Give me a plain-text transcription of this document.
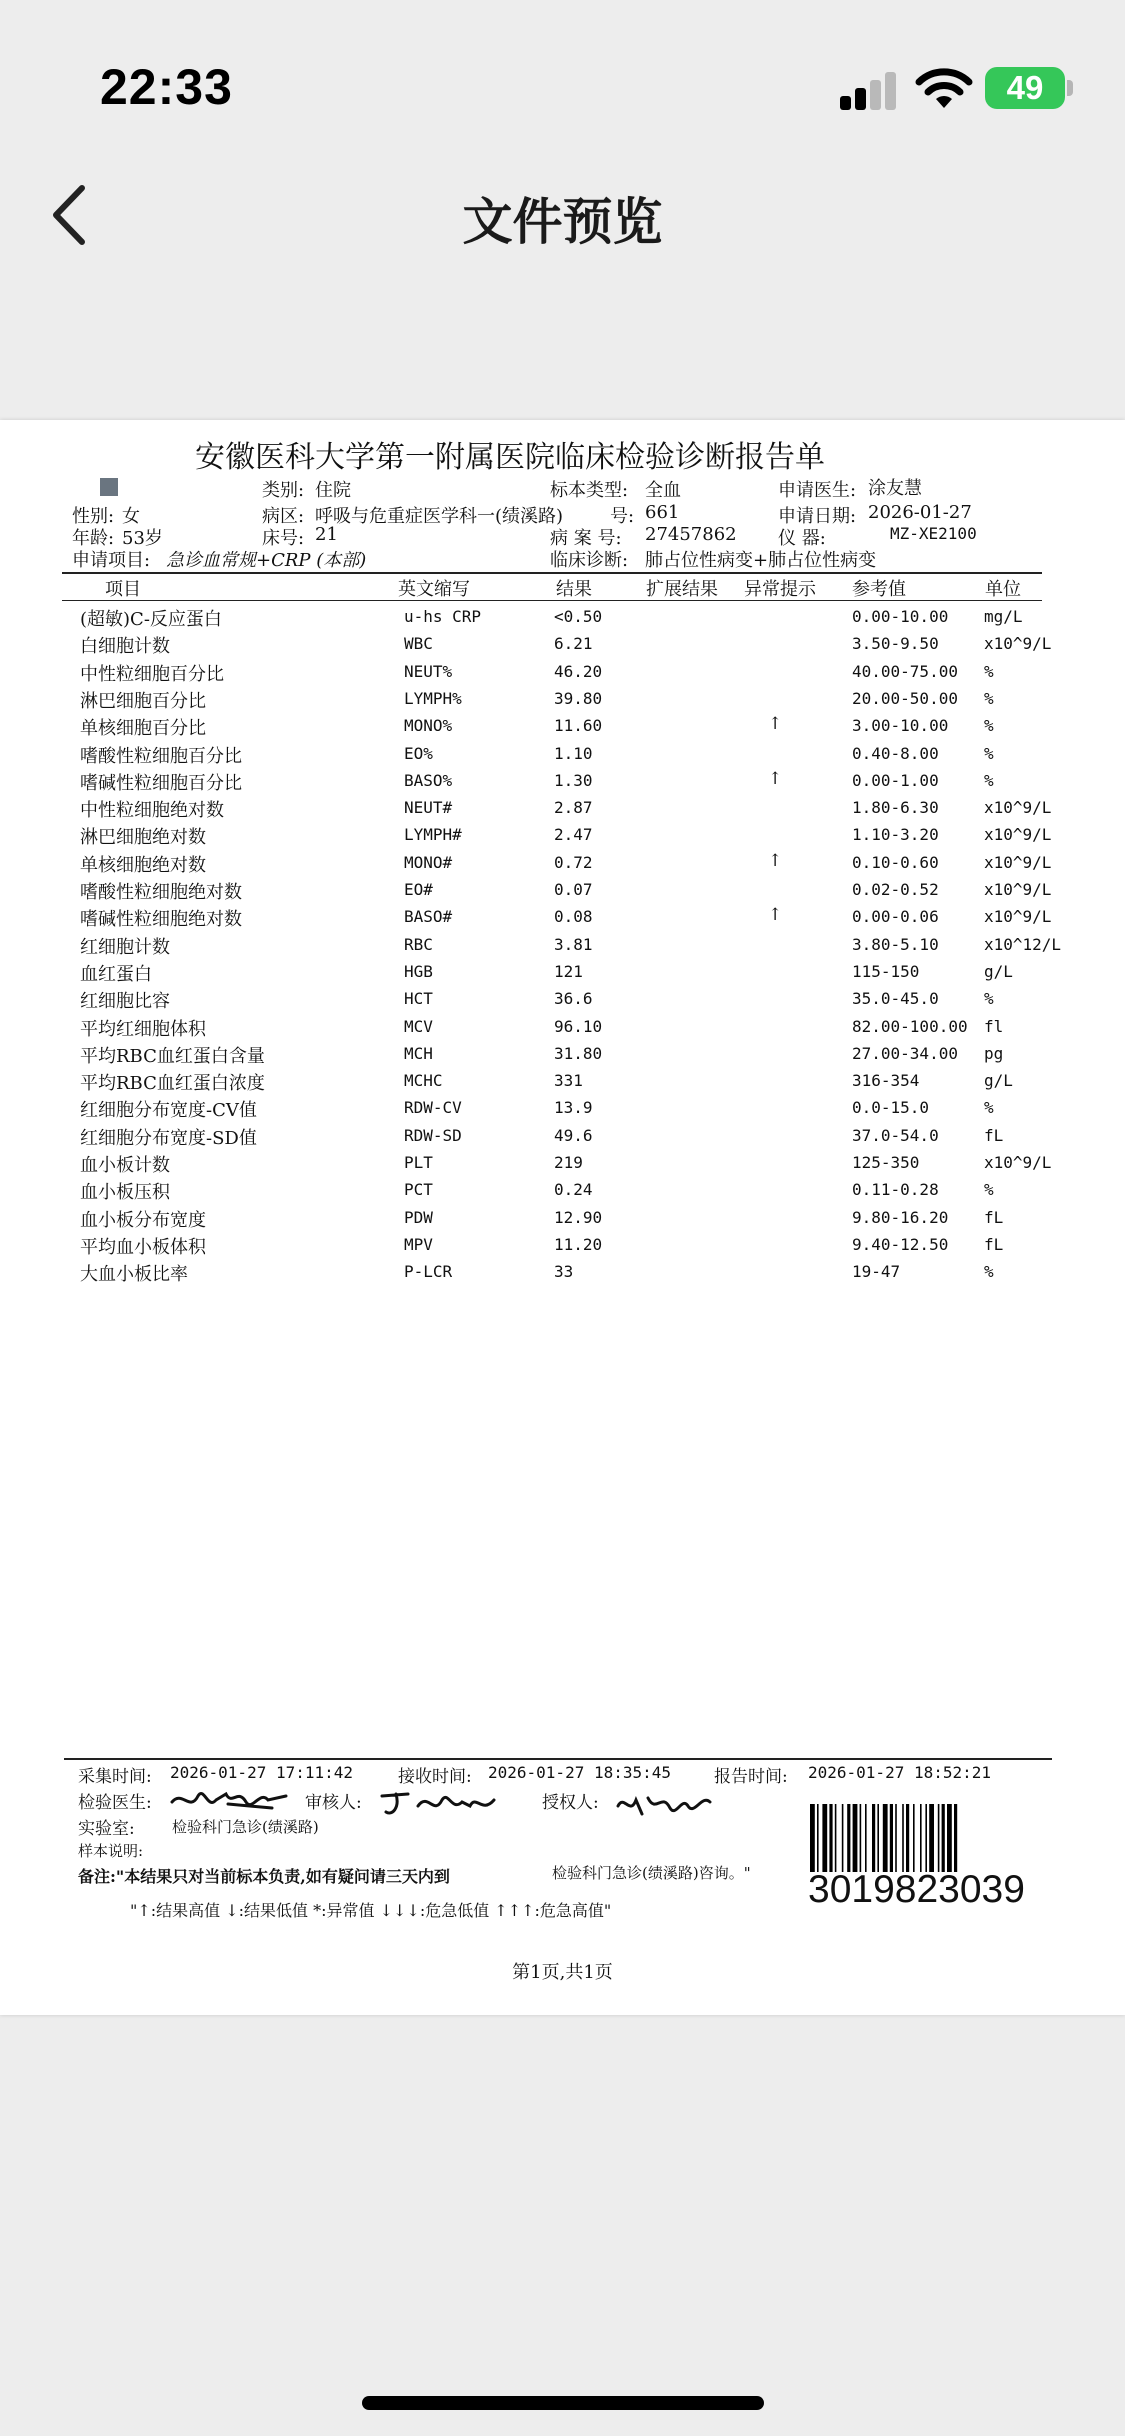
22:33	49
文件预览
安徽医科大学第一附属医院临床检验诊断报告单
类别: 住院	标本类型: 全血	申请医生: 涂友慧
性别: 女	病区: 呼吸与危重症医学科一(绩溪路)	号: 661	申请日期: 2026-01-27
年龄: 53岁	床号: 21	病 案 号: 27457862 仪 器:	MZ-XE2100
申请项目: 急诊血常规+CRP (本部)	临床诊断: 肺占位性病变+肺占位性病变
项目	英文缩写	结果	扩展结果 异常提示 参考值	单位
(超敏)C-反应蛋白	u-hs CRP	<0.50	0.00-10.00 mg/L
白细胞计数	WBC	6.21	3.50-9.50	x10^9/L
中性粒细胞百分比	NEUT%	46.20	40.00-75.00 %
淋巴细胞百分比	LYMPH%	39.80	20.00-50.00 %
单核细胞百分比	MONO%	11.60	↑	3.00-10.00 %
嗜酸性粒细胞百分比	EO%	1.10	0.40-8.00	%
嗜碱性粒细胞百分比	BASO%	1.30	↑	0.00-1.00	%
中性粒细胞绝对数	NEUT#	2.87	1.80-6.30	x10^9/L
淋巴细胞绝对数	LYMPH#	2.47	1.10-3.20	x10^9/L
单核细胞绝对数	MONO#	0.72	↑	0.10-0.60	x10^9/L
嗜酸性粒细胞绝对数	EO#	0.07	0.02-0.52	x10^9/L
嗜碱性粒细胞绝对数	BASO#	0.08	↑	0.00-0.06	x10^9/L
红细胞计数	RBC	3.81	3.80-5.10	x10^12/L
血红蛋白	HGB	121	115-150	g/L
红细胞比容	HCT	36.6	35.0-45.0	%
平均红细胞体积	MCV	96.10	82.00-100.00 fl
平均RBC血红蛋白含量	MCH	31.80	27.00-34.00 pg
平均RBC血红蛋白浓度	MCHC	331	316-354	g/L
红细胞分布宽度-CV值	RDW-CV	13.9	0.0-15.0	%
红细胞分布宽度-SD值	RDW-SD	49.6	37.0-54.0	fL
血小板计数	PLT	219	125-350	x10^9/L
血小板压积	PCT	0.24	0.11-0.28	%
血小板分布宽度	PDW	12.90	9.80-16.20 fL
平均血小板体积	MPV	11.20	9.40-12.50 fL
大血小板比率	P-LCR	33	19-47	%
采集时间: 2026-01-27 17:11:42	接收时间: 2026-01-27 18:35:45	报告时间: 2026-01-27 18:52:21
检验医生:	审核人:	授权人:
实验室: 检验科门急诊(绩溪路)
样本说明:
备注:"本结果只对当前标本负责,如有疑问请三天内到	检验科门急诊(绩溪路)咨询。"
"↑:结果高值 ↓:结果低值 *:异常值 ↓↓↓:危急低值 ↑↑↑:危急高值"	3019823039
第1页,共1页
